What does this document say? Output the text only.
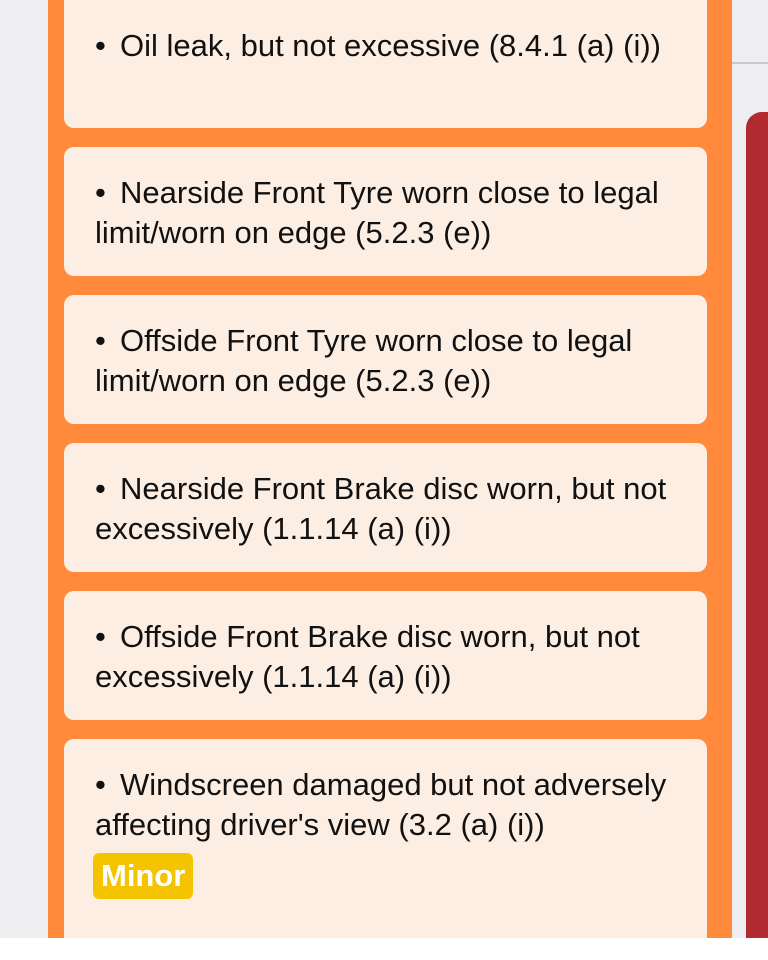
• Oil leak, but not excessive (8.4.1 (a) (i))
• Nearside Front Tyre worn close to legal limit/worn on edge (5.2.3 (e))
• Offside Front Tyre worn close to legal limit/worn on edge (5.2.3 (e))
• Nearside Front Brake disc worn, but not excessively (1.1.14 (a) (i))
• Offside Front Brake disc worn, but not excessively (1.1.14 (a) (i))
• Windscreen damaged but not adversely affecting driver's view (3.2 (a) (i))
Minor
